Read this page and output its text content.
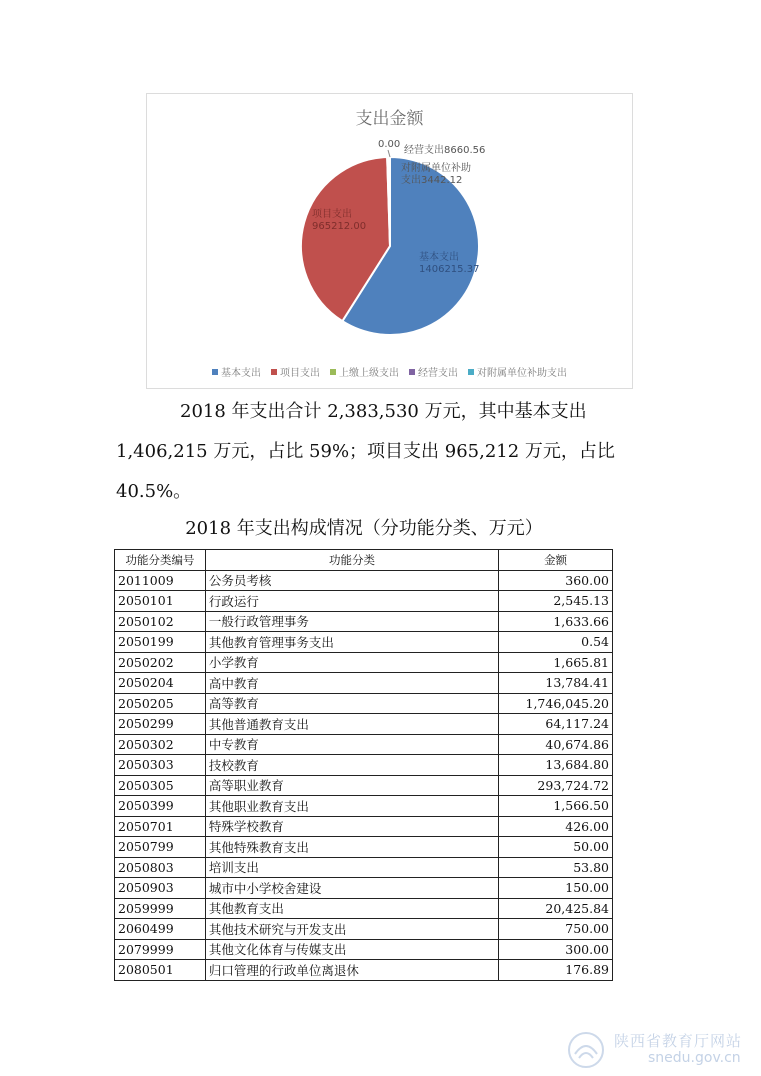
支出金额
基本支出 1406215.37
项目支出 965212.00
0.00
经营支出8660.56
对附属单位补助支出3442.12
基本支出 项目支出 上缴上级支出 经营支出 对附属单位补助支出
2018 年支出合计 2,383,530 万元，其中基本支出
1,406,215 万元，占比 59%；项目支出 965,212 万元，占比
40.5%。
2018 年支出构成情况（分功能分类、万元）
功能分类编号	功能分类	金额
2011009	公务员考核	360.00
2050101	行政运行	2,545.13
2050102	一般行政管理事务	1,633.66
2050199	其他教育管理事务支出	0.54
2050202	小学教育	1,665.81
2050204	高中教育	13,784.41
2050205	高等教育	1,746,045.20
2050299	其他普通教育支出	64,117.24
2050302	中专教育	40,674.86
2050303	技校教育	13,684.80
2050305	高等职业教育	293,724.72
2050399	其他职业教育支出	1,566.50
2050701	特殊学校教育	426.00
2050799	其他特殊教育支出	50.00
2050803	培训支出	53.80
2050903	城市中小学校舍建设	150.00
2059999	其他教育支出	20,425.84
2060499	其他技术研究与开发支出	750.00
2079999	其他文化体育与传媒支出	300.00
2080501	归口管理的行政单位离退休	176.89
陕西省教育厅网站
snedu.gov.cn
